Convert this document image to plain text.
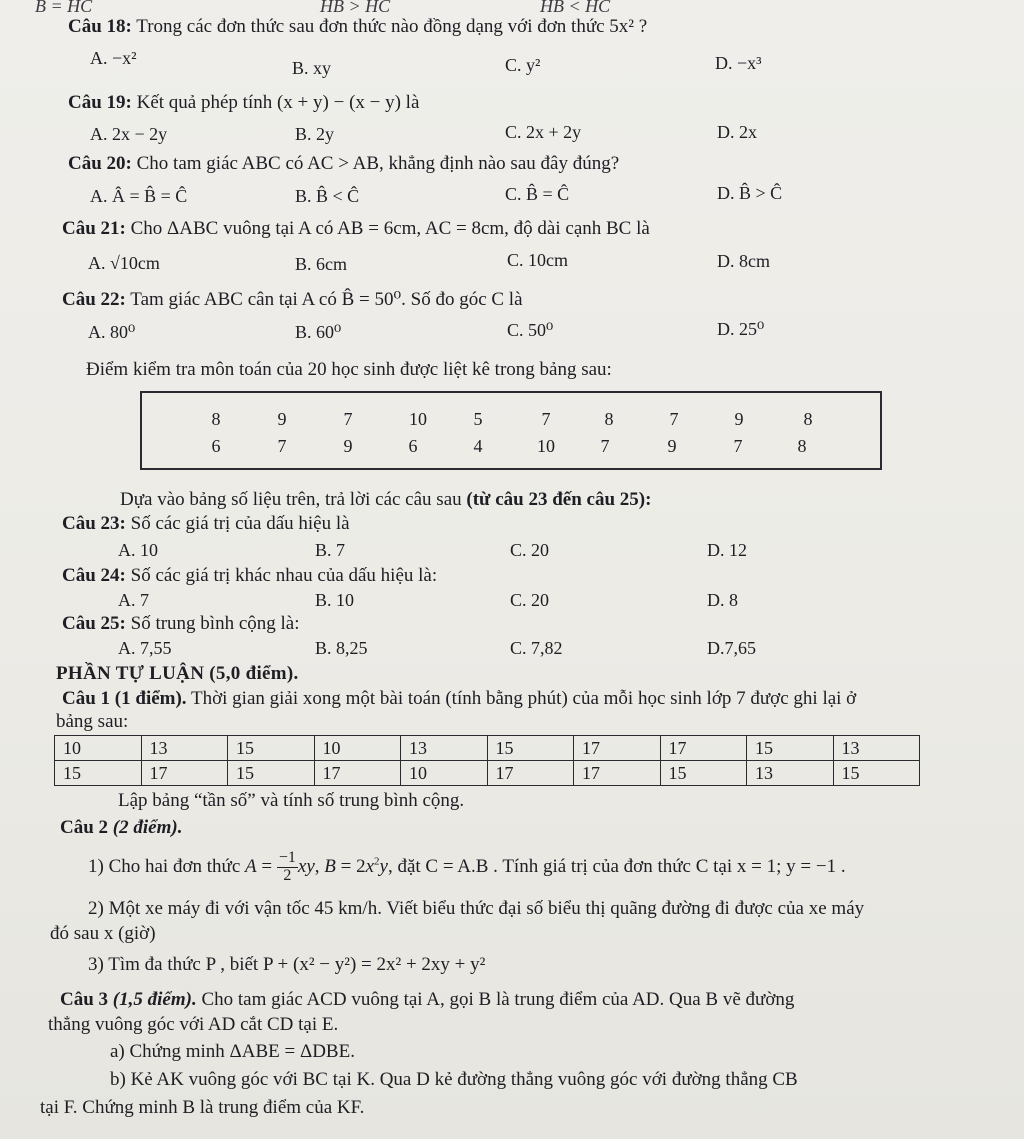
B = HC	HB > HC	HB < HC
Câu 18: Trong các đơn thức sau đơn thức nào đồng dạng với đơn thức 5x² ?
A. −x²	B. xy	C. y²	D. −x³
Câu 19: Kết quả phép tính (x + y) − (x − y) là
A. 2x − 2y	B. 2y	C. 2x + 2y	D. 2x
Câu 20: Cho tam giác ABC có AC > AB, khẳng định nào sau đây đúng?
A. Â = B̂ = Ĉ	B. B̂ < Ĉ	C. B̂ = Ĉ	D. B̂ > Ĉ
Câu 21: Cho ΔABC vuông tại A có AB = 6cm, AC = 8cm, độ dài cạnh BC là
A. √10cm	B. 6cm	C. 10cm	D. 8cm
Câu 22: Tam giác ABC cân tại A có B̂ = 50⁰. Số đo góc C là
A. 80⁰	B. 60⁰	C. 50⁰	D. 25⁰
Điểm kiểm tra môn toán của 20 học sinh được liệt kê trong bảng sau:
8	9	7	10	5	7	8	7	9	8
6	7	9	6	4	10	7	9	7	8
Dựa vào bảng số liệu trên, trả lời các câu sau (từ câu 23 đến câu 25):
Câu 23: Số các giá trị của dấu hiệu là
A. 10	B. 7	C. 20	D. 12
Câu 24: Số các giá trị khác nhau của dấu hiệu là:
A. 7	B. 10	C. 20	D. 8
Câu 25: Số trung bình cộng là:
A. 7,55	B. 8,25	C. 7,82	D.7,65
PHẦN TỰ LUẬN (5,0 điểm).
Câu 1 (1 điểm). Thời gian giải xong một bài toán (tính bằng phút) của mỗi học sinh lớp 7 được ghi lại ở
bảng sau:
10	13	15	10	13	15	17	17	15	13
15	17	15	17	10	17	17	15	13	15
Lập bảng “tần số” và tính số trung bình cộng.
Câu 2 (2 điểm).
1) Cho hai đơn thức $A = \frac{-1}{2}$ xy, $B = 2x^2y$, đặt C = A.B . Tính giá trị của đơn thức C tại x = 1; y = −1 .
2) Một xe máy đi với vận tốc 45 km/h. Viết biểu thức đại số biểu thị quãng đường đi được của xe máy
đó sau x (giờ)
3) Tìm đa thức P , biết P + (x² − y²) = 2x² + 2xy + y²
Câu 3 (1,5 điểm). Cho tam giác ACD vuông tại A, gọi B là trung điểm của AD. Qua B vẽ đường
thẳng vuông góc với AD cắt CD tại E.
a) Chứng minh ΔABE = ΔDBE.
b) Kẻ AK vuông góc với BC tại K. Qua D kẻ đường thẳng vuông góc với đường thẳng CB
tại F. Chứng minh B là trung điểm của KF.
